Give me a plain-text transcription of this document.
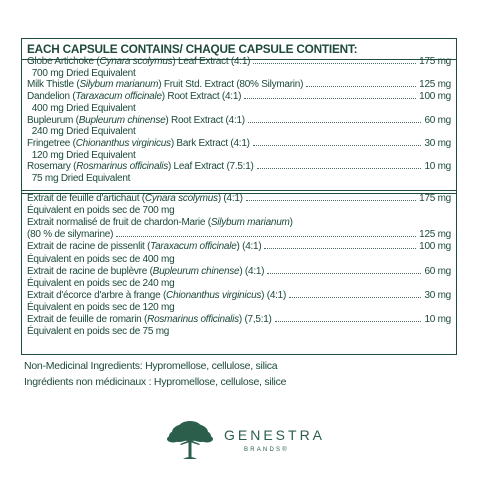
EACH CAPSULE CONTAINS/ CHAQUE CAPSULE CONTIENT:
Globe Artichoke (Cynara scolymus) Leaf Extract (4:1)	175 mg
 700 mg Dried Equivalent
Milk Thistle (Silybum marianum) Fruit Std. Extract (80% Silymarin)	125 mg
Dandelion (Taraxacum officinale) Root Extract (4:1)	100 mg
 400 mg Dried Equivalent
Bupleurum (Bupleurum chinense) Root Extract (4:1)	60 mg
 240 mg Dried Equivalent
Fringetree (Chionanthus virginicus) Bark Extract (4:1)	30 mg
 120 mg Dried Equivalent
Rosemary (Rosmarinus officinalis) Leaf Extract (7.5:1)	10 mg
 75 mg Dried Equivalent
Extrait de feuille d'artichaut (Cynara scolymus) (4:1)	175 mg
Équivalent en poids sec de 700 mg
Extrait normalisé de fruit de chardon-Marie (Silybum marianum)
(80 % de silymarine)	125 mg
Extrait de racine de pissenlit (Taraxacum officinale) (4:1)	100 mg
Équivalent en poids sec de 400 mg
Extrait de racine de buplèvre (Bupleurum chinense) (4:1)	60 mg
Équivalent en poids sec de 240 mg
Extrait d'écorce d'arbre à frange (Chionanthus virginicus) (4:1)	30 mg
Équivalent en poids sec de 120 mg
Extrait de feuille de romarin (Rosmarinus officinalis) (7,5:1)	10 mg
Équivalent en poids sec de 75 mg
Non-Medicinal Ingredients: Hypromellose, cellulose, silica
Ingrédients non médicinaux : Hypromellose, cellulose, silice
GENESTRA
BRANDS®
